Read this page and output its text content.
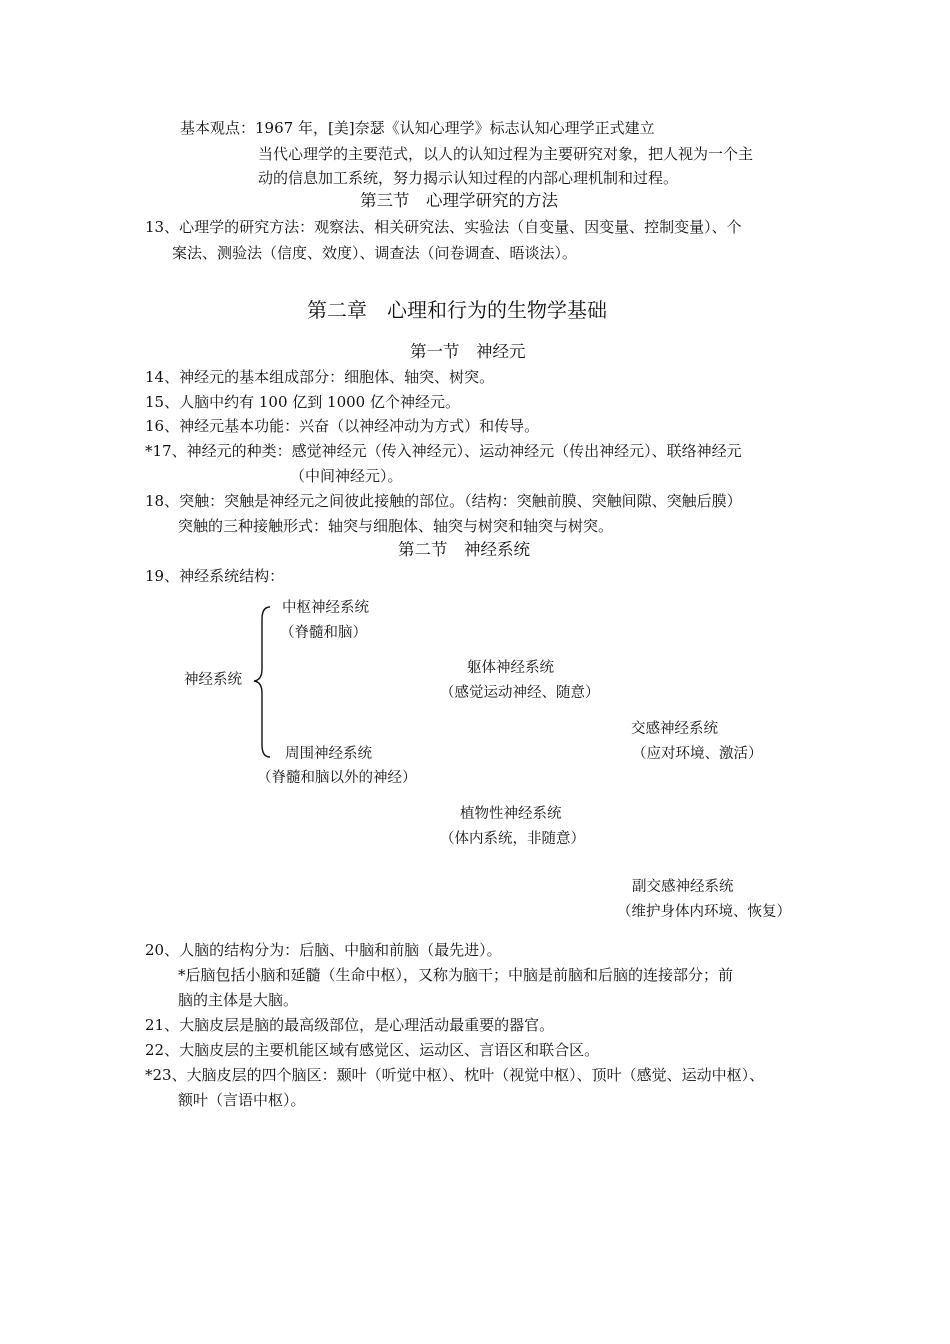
基本观点：1967 年，[美]奈瑟《认知心理学》标志认知心理学正式建立
当代心理学的主要范式，以人的认知过程为主要研究对象，把人视为一个主
动的信息加工系统，努力揭示认知过程的内部心理机制和过程。
第三节　心理学研究的方法
13、心理学的研究方法：观察法、相关研究法、实验法（自变量、因变量、控制变量）、个
案法、测验法（信度、效度）、调查法（问卷调查、晤谈法）。
第二章　心理和行为的生物学基础
第一节　神经元
14、神经元的基本组成部分：细胞体、轴突、树突。
15、人脑中约有 100 亿到 1000 亿个神经元。
16、神经元基本功能：兴奋（以神经冲动为方式）和传导。
*17、神经元的种类：感觉神经元（传入神经元）、运动神经元（传出神经元）、联络神经元
（中间神经元）。
18、突触：突触是神经元之间彼此接触的部位。（结构：突触前膜、突触间隙、突触后膜）
突触的三种接触形式：轴突与细胞体、轴突与树突和轴突与树突。
第二节　神经系统
19、神经系统结构：
神经系统
中枢神经系统
（脊髓和脑）
躯体神经系统
（感觉运动神经、随意）
交感神经系统
（应对环境、激活）
周围神经系统
（脊髓和脑以外的神经）
植物性神经系统
（体内系统，非随意）
副交感神经系统
（维护身体内环境、恢复）
20、人脑的结构分为：后脑、中脑和前脑（最先进）。
*后脑包括小脑和延髓（生命中枢），又称为脑干；中脑是前脑和后脑的连接部分；前
脑的主体是大脑。
21、大脑皮层是脑的最高级部位，是心理活动最重要的器官。
22、大脑皮层的主要机能区域有感觉区、运动区、言语区和联合区。
*23、大脑皮层的四个脑区：颞叶（听觉中枢）、枕叶（视觉中枢）、顶叶（感觉、运动中枢）、
额叶（言语中枢）。
